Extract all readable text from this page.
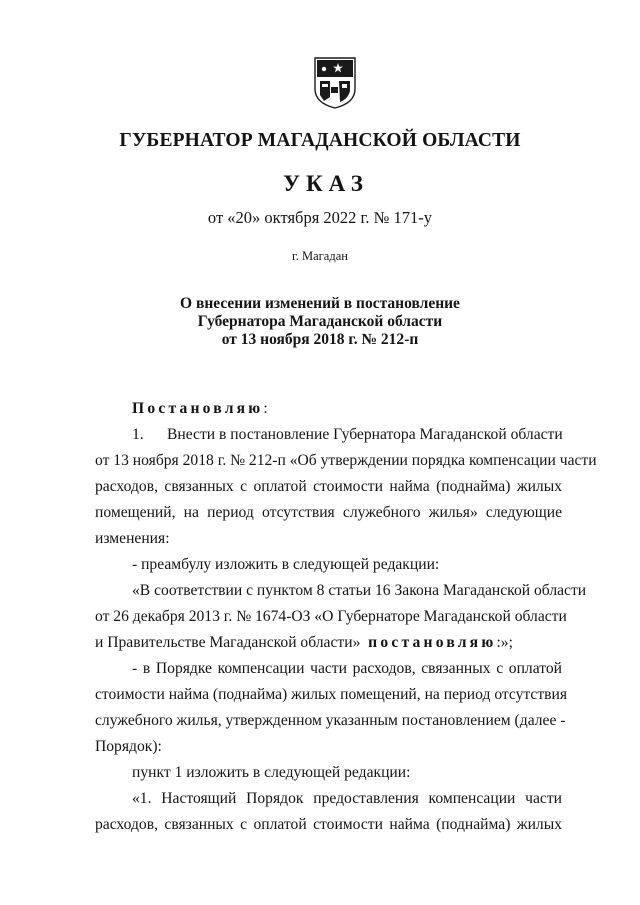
ГУБЕРНАТОР МАГАДАНСКОЙ ОБЛАСТИ
УКАЗ
от «20» октября 2022 г. № 171-у
г. Магадан
О внесении изменений в постановление
Губернатора Магаданской области
от 13 ноября 2018 г. № 212-п
Постановляю:
1. Внести в постановление Губернатора Магаданской области
от 13 ноября 2018 г. № 212-п «Об утверждении порядка компенсации части
расходов, связанных с оплатой стоимости найма (поднайма) жилых
помещений, на период отсутствия служебного жилья» следующие
изменения:
- преамбулу изложить в следующей редакции:
«В соответствии с пунктом 8 статьи 16 Закона Магаданской области
от 26 декабря 2013 г. № 1674-ОЗ «О Губернаторе Магаданской области
и Правительстве Магаданской области» постановляю:»;
- в Порядке компенсации части расходов, связанных с оплатой
стоимости найма (поднайма) жилых помещений, на период отсутствия
служебного жилья, утвержденном указанным постановлением (далее -
Порядок):
пункт 1 изложить в следующей редакции:
«1. Настоящий Порядок предоставления компенсации части
расходов, связанных с оплатой стоимости найма (поднайма) жилых
